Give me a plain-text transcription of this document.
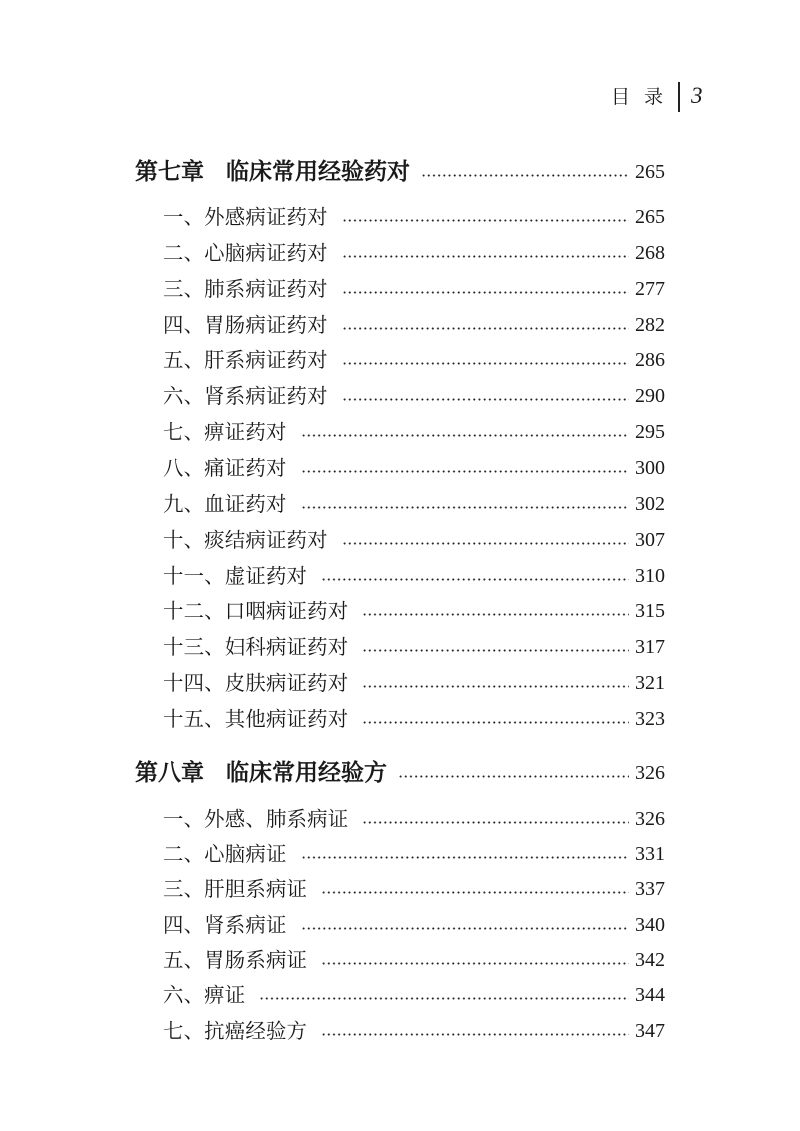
目 录 3
第七章 临床常用经验药对	265
一、外感病证药对	265
二、心脑病证药对	268
三、肺系病证药对	277
四、胃肠病证药对	282
五、肝系病证药对	286
六、肾系病证药对	290
七、痹证药对	295
八、痛证药对	300
九、血证药对	302
十、痰结病证药对	307
十一、虚证药对	310
十二、口咽病证药对	315
十三、妇科病证药对	317
十四、皮肤病证药对	321
十五、其他病证药对	323
第八章 临床常用经验方	326
一、外感、肺系病证	326
二、心脑病证	331
三、肝胆系病证	337
四、肾系病证	340
五、胃肠系病证	342
六、痹证	344
七、抗癌经验方	347
